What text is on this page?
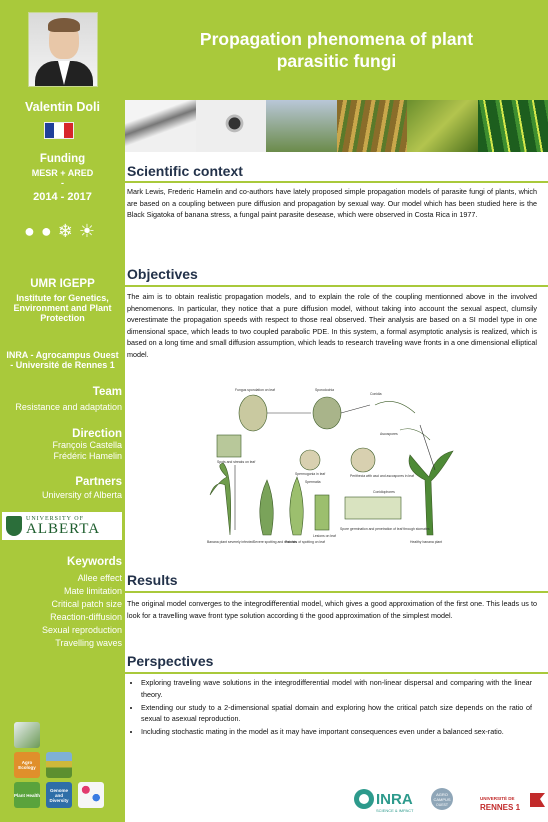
Valentin Doli
Funding
MESR + ARED
-
2014 - 2017
●●❄☀
UMR IGEPP
Institute for Genetics, Environment and Plant Protection
INRA - Agrocampus Ouest - Université de Rennes 1
Team
Resistance and adaptation
Direction
François Castella
Frédéric Hamelin
Partners
University of Alberta
UNIVERSITY OF
ALBERTA
Keywords
Allee effect
Mate limitation
Critical patch size
Reaction-diffusion
Sexual reproduction
Travelling waves
Agro Ecology
Plant Health
Genome and Diversity
Propagation phenomena of plant
parasitic fungi
Scientific context
Mark Lewis, Frederic Hamelin and co-authors have lately proposed simple propagation models of parasite fungi of plants, which are based on a coupling between pure diffusion and propagation by sexual way. Our model which has been studied here is the Black Sigatoka of banana stress, a fungal paint parasite desease, which were observed in Costa Rica in 1977.
Objectives
The aim is to obtain realistic propagation models, and to explain the role of the coupling mentionned above in the involved phenomenons. In particular, they notice that a pure diffusion model, without taking into account the sexual aspect, clumsily overestimate the propagation speeds with respect to those real observed. Their analysis are based on a SI model type in one dimensional space, which leads to two coupled parabolic PDE. In this system, a formal asymptotic analysis is realized, which is based on a long time and small diffusion assumption, which leads to research traveling wave fronts in a one dimensional elliptical model.
Fungus sporulation on leaf	Sporodochia
Ascospores
Spots and streaks on leaf
Perithecia with asci and ascospores in leaf
Spermogonia in leaf
Spermatia
Conidia
Banana plant severely infected Severe spotting and necrosis
Patches of spotting on leaf
Lesions on leaf
Spore germination and penetration of leaf through stomates
Healthy banana plant
Conidiophores
Results
The original model converges to the integrodifferential model, which gives a good approximation of the first one. This leads us to look for a travelling wave front type solution according ti the good approximation of the simplest model.
Perspectives
• Exploring traveling wave solutions in the integrodifferential model with non-linear dispersal and comparing with the linear theory.
• Extending our study to a 2-dimensional spatial domain and exploring how the critical patch size depends on the ratio of sexual to asexual reproduction.
• Including stochastic mating in the model as it may have important consequences even under a balanced sex-ratio.
INRA
SCIENCE & IMPACT
AGRO
CAMPUS
OUEST
UNIVERSITÉ DE
RENNES 1
